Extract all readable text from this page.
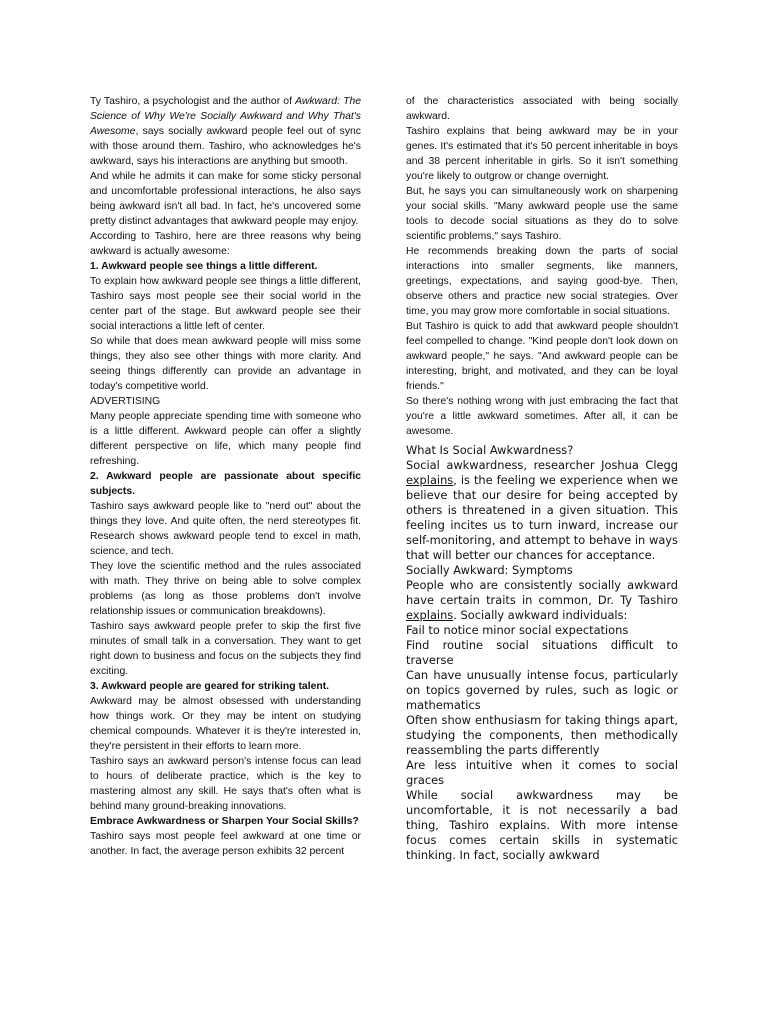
Ty Tashiro, a psychologist and the author of Awkward: The Science of Why We're Socially Awkward and Why That's Awesome, says socially awkward people feel out of sync with those around them. Tashiro, who acknowledges he's awkward, says his interactions are anything but smooth.

And while he admits it can make for some sticky personal and uncomfortable professional interactions, he also says being awkward isn't all bad. In fact, he's uncovered some pretty distinct advantages that awkward people may enjoy.

According to Tashiro, here are three reasons why being awkward is actually awesome:

1. Awkward people see things a little different.

To explain how awkward people see things a little different, Tashiro says most people see their social world in the center part of the stage. But awkward people see their social interactions a little left of center.

So while that does mean awkward people will miss some things, they also see other things with more clarity. And seeing things differently can provide an advantage in today's competitive world.

ADVERTISING

Many people appreciate spending time with someone who is a little different. Awkward people can offer a slightly different perspective on life, which many people find refreshing.

2. Awkward people are passionate about specific subjects.

Tashiro says awkward people like to "nerd out" about the things they love. And quite often, the nerd stereotypes fit. Research shows awkward people tend to excel in math, science, and tech.

They love the scientific method and the rules associated with math. They thrive on being able to solve complex problems (as long as those problems don't involve relationship issues or communication breakdowns).

Tashiro says awkward people prefer to skip the first five minutes of small talk in a conversation. They want to get right down to business and focus on the subjects they find exciting.

3. Awkward people are geared for striking talent.

Awkward may be almost obsessed with understanding how things work. Or they may be intent on studying chemical compounds. Whatever it is they're interested in, they're persistent in their efforts to learn more.

Tashiro says an awkward person's intense focus can lead to hours of deliberate practice, which is the key to mastering almost any skill. He says that's often what is behind many ground-breaking innovations.

Embrace Awkwardness or Sharpen Your Social Skills?

Tashiro says most people feel awkward at one time or another. In fact, the average person exhibits 32 percent

of the characteristics associated with being socially awkward.

Tashiro explains that being awkward may be in your genes. It's estimated that it's 50 percent inheritable in boys and 38 percent inheritable in girls. So it isn't something you're likely to outgrow or change overnight.

But, he says you can simultaneously work on sharpening your social skills. "Many awkward people use the same tools to decode social situations as they do to solve scientific problems," says Tashiro.

He recommends breaking down the parts of social interactions into smaller segments, like manners, greetings, expectations, and saying good-bye. Then, observe others and practice new social strategies. Over time, you may grow more comfortable in social situations.

But Tashiro is quick to add that awkward people shouldn't feel compelled to change. "Kind people don't look down on awkward people," he says. "And awkward people can be interesting, bright, and motivated, and they can be loyal friends."

So there's nothing wrong with just embracing the fact that you're a little awkward sometimes. After all, it can be awesome.

What Is Social Awkwardness?

Social awkwardness, researcher Joshua Clegg explains, is the feeling we experience when we believe that our desire for being accepted by others is threatened in a given situation. This feeling incites us to turn inward, increase our self-monitoring, and attempt to behave in ways that will better our chances for acceptance.

Socially Awkward: Symptoms

People who are consistently socially awkward have certain traits in common, Dr. Ty Tashiro explains. Socially awkward individuals:

Fail to notice minor social expectations

Find routine social situations difficult to traverse

Can have unusually intense focus, particularly on topics governed by rules, such as logic or mathematics

Often show enthusiasm for taking things apart, studying the components, then methodically reassembling the parts differently

Are less intuitive when it comes to social graces

While social awkwardness may be uncomfortable, it is not necessarily a bad thing, Tashiro explains. With more intense focus comes certain skills in systematic thinking. In fact, socially awkward
